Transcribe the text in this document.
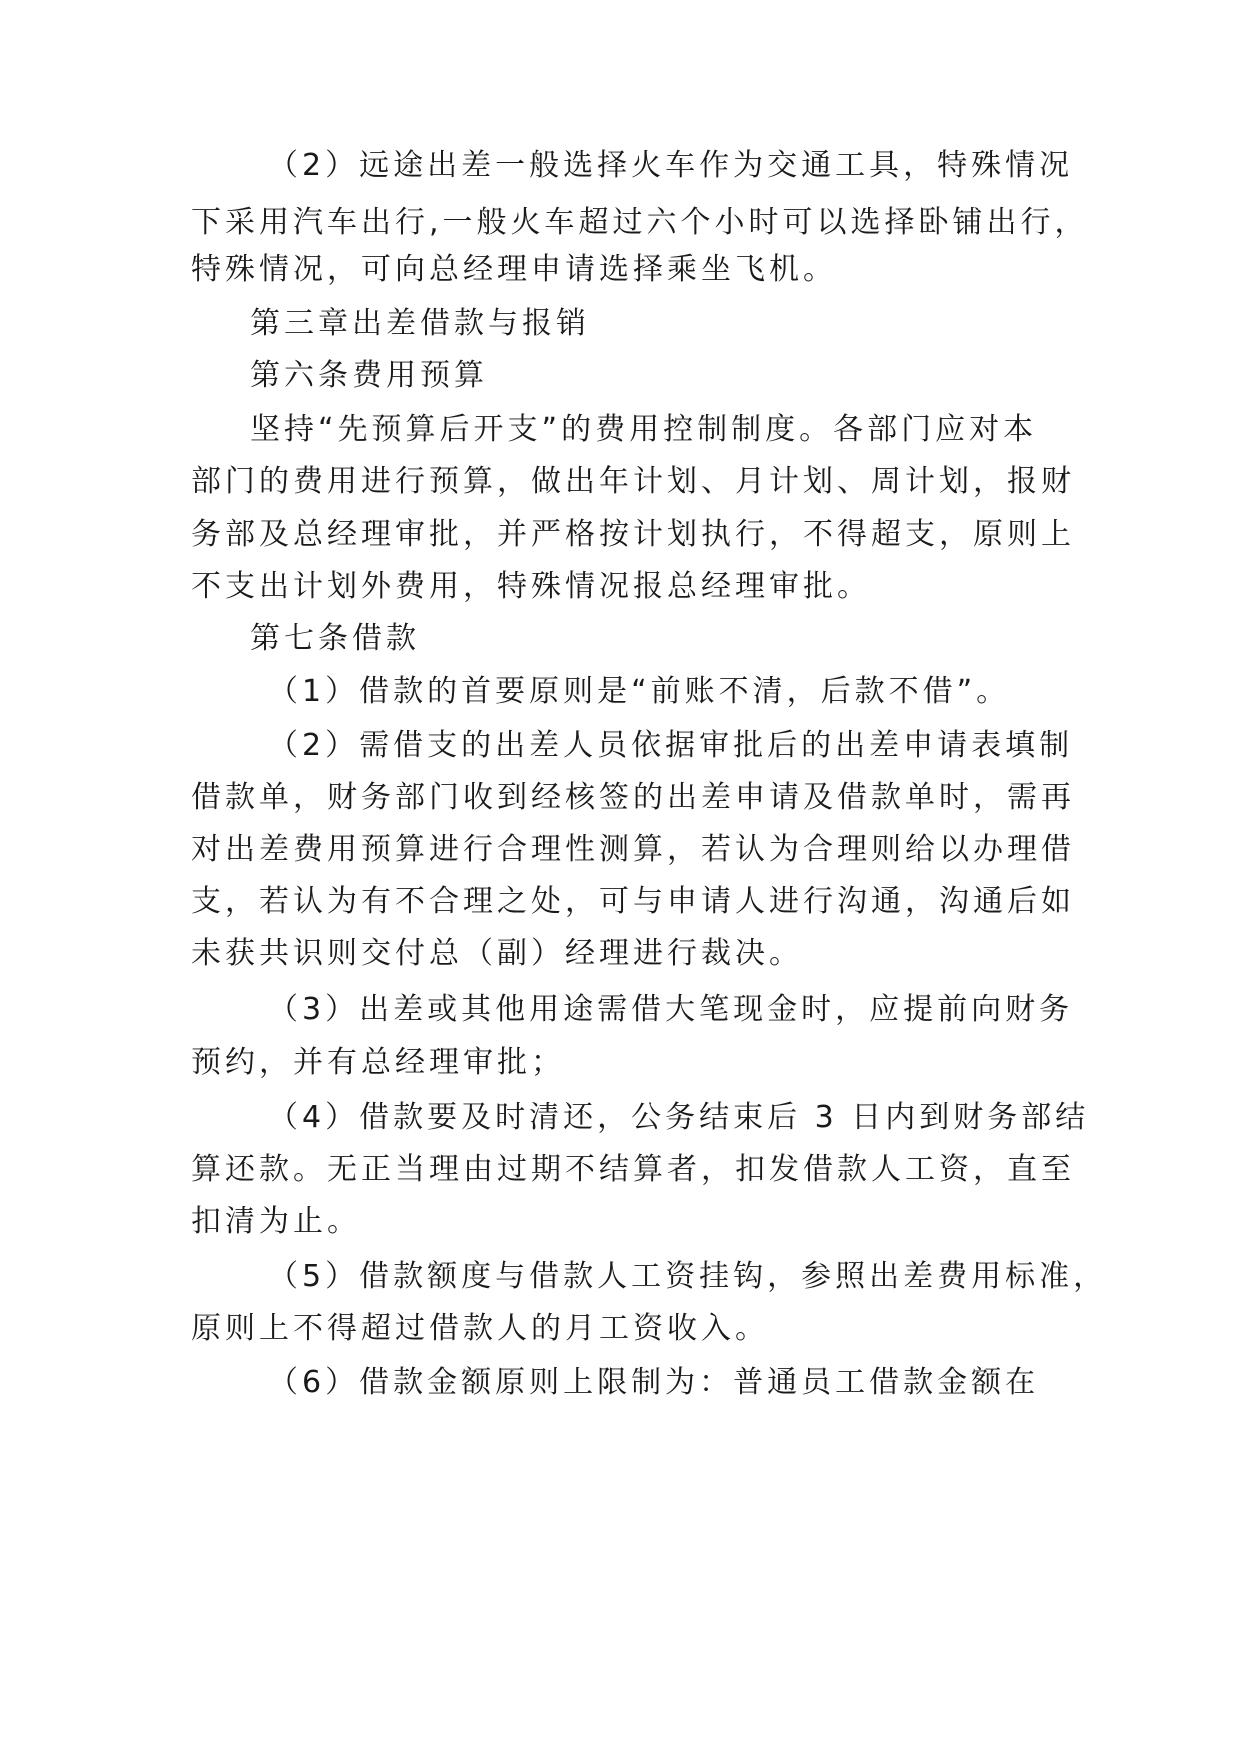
（2）远途出差一般选择火车作为交通工具，特殊情况
下采用汽车出行,一般火车超过六个小时可以选择卧铺出行，
特殊情况，可向总经理申请选择乘坐飞机。
第三章出差借款与报销
第六条费用预算
坚持“先预算后开支”的费用控制制度。各部门应对本
部门的费用进行预算，做出年计划、月计划、周计划，报财
务部及总经理审批，并严格按计划执行，不得超支，原则上
不支出计划外费用，特殊情况报总经理审批。
第七条借款
（1）借款的首要原则是“前账不清，后款不借”。
（2）需借支的出差人员依据审批后的出差申请表填制
借款单，财务部门收到经核签的出差申请及借款单时，需再
对出差费用预算进行合理性测算，若认为合理则给以办理借
支，若认为有不合理之处，可与申请人进行沟通，沟通后如
未获共识则交付总（副）经理进行裁决。
（3）出差或其他用途需借大笔现金时，应提前向财务
预约，并有总经理审批；
（4）借款要及时清还，公务结束后 3 日内到财务部结
算还款。无正当理由过期不结算者，扣发借款人工资，直至
扣清为止。
（5）借款额度与借款人工资挂钩，参照出差费用标准，
原则上不得超过借款人的月工资收入。
（6）借款金额原则上限制为：普通员工借款金额在
